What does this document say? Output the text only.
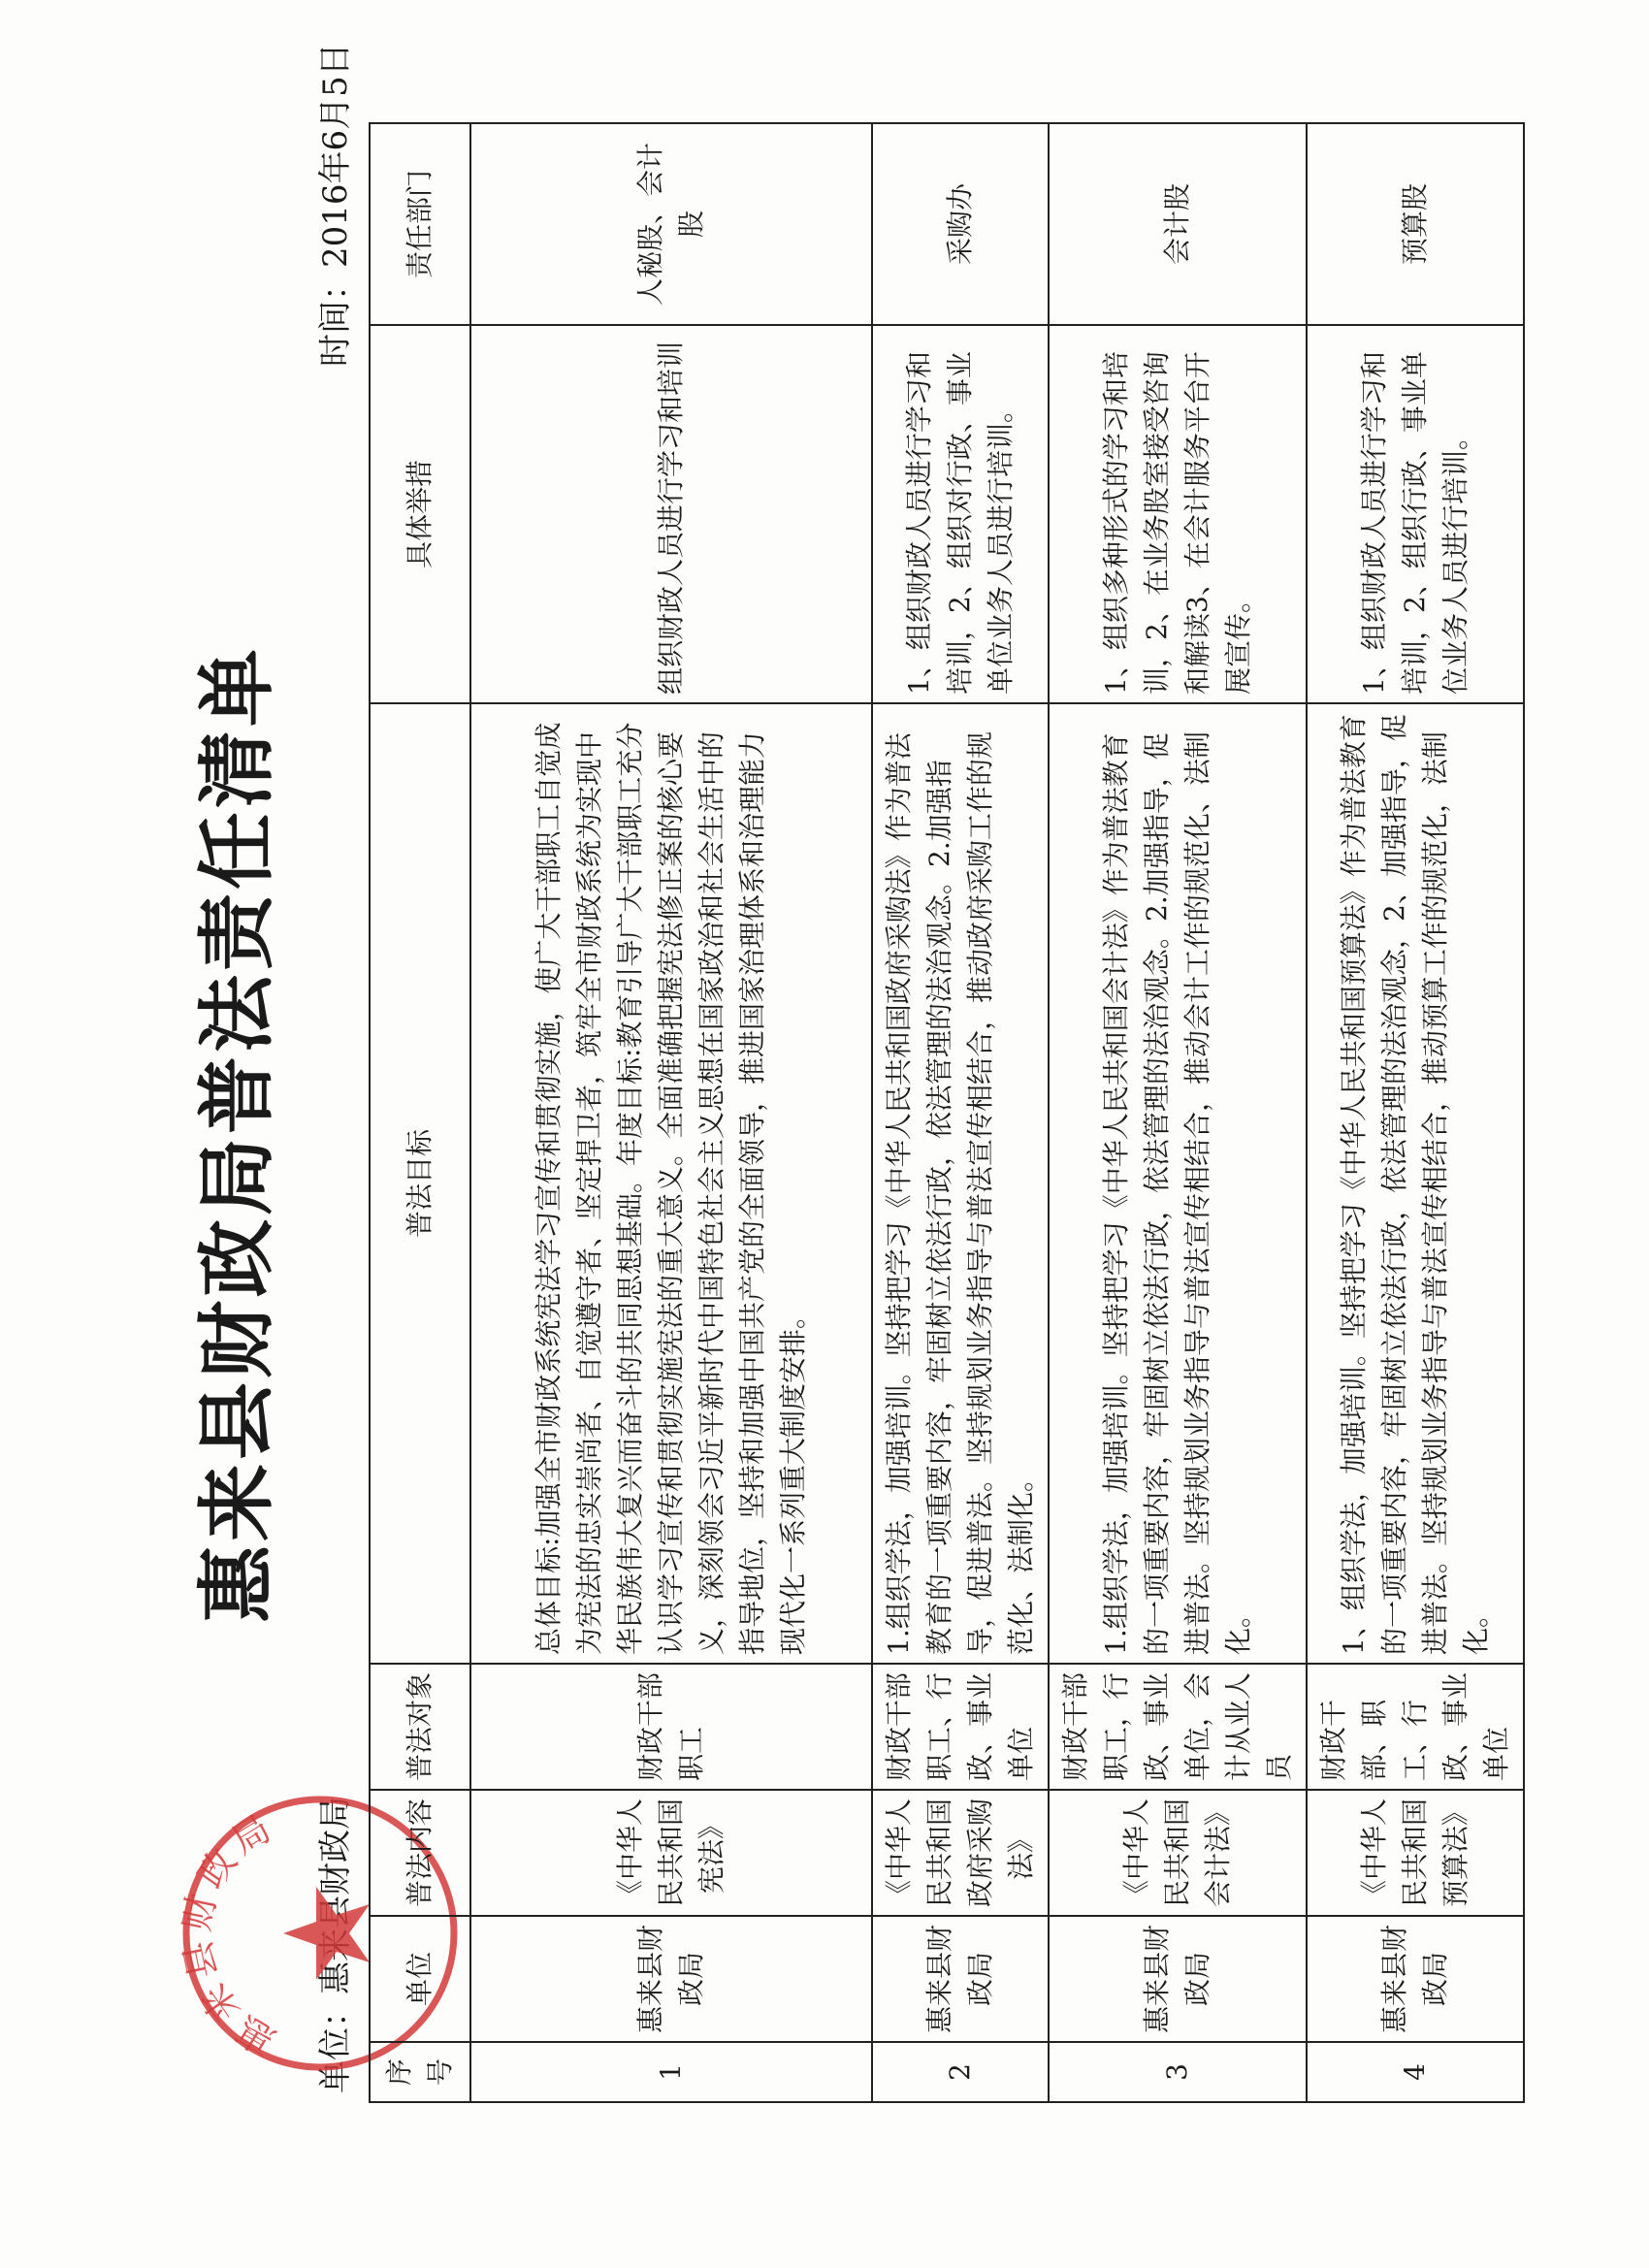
惠来县财政局普法责任清单
时间：2016年6月5日
惠来县财政局
序号	单位	普法内容	普法对象	普法目标	具体举措	责任部门
1	惠来县财政局	《中华人民共和国宪法》	财政干部职工	总体目标:加强全市财政系统宪法学习宣传和贯彻实施，使广大干部职工自觉成为宪法的忠实崇尚者、自觉遵守者、坚定捍卫者，筑牢全市财政系统为实现中华民族伟大复兴而奋斗的共同思想基础。年度目标:教育引导广大干部职工充分认识学习宣传和贯彻实施宪法的重大意义。全面准确把握宪法修正案的核心要义，深刻领会习近平新时代中国特色社会主义思想在国家政治和社会生活中的指导地位，坚持和加强中国共产党的全面领导，推进国家治理体系和治理能力现代化一系列重大制度安排。	组织财政人员进行学习和培训	人秘股、会计股
2	惠来县财政局	《中华人民共和国政府采购法》	财政干部职工、行政、事业单位	1.组织学法，加强培训。坚持把学习《中华人民共和国政府采购法》作为普法教育的一项重要内容，牢固树立依法行政，依法管理的法治观念。2.加强指导，促进普法。坚持规划业务指导与普法宣传相结合，推动政府采购工作的规范化、法制化。	1、组织财政人员进行学习和培训，2、组织对行政、事业单位业务人员进行培训。	采购办
3	惠来县财政局	《中华人民共和国会计法》	财政干部职工，行政、事业单位，会计从业人员	1.组织学法，加强培训。坚持把学习《中华人民共和国会计法》作为普法教育的一项重要内容，牢固树立依法行政，依法管理的法治观念。2.加强指导，促进普法。坚持规划业务指导与普法宣传相结合，推动会计工作的规范化、法制化。	1、组织多种形式的学习和培训，2、在业务股室接受咨询和解读3、在会计服务平台开展宣传。	会计股
4	惠来县财政局	《中华人民共和国预算法》	财政干部、职工、行政、事业单位	1、组织学法，加强培训。坚持把学习《中华人民共和国预算法》作为普法教育的一项重要内容，牢固树立依法行政，依法管理的法治观念，2、加强指导，促进普法。坚持规划业务指导与普法宣传相结合，推动预算工作的规范化，法制化。	1、组织财政人员进行学习和培训，2、组织行政、事业单位业务人员进行培训。	预算股
